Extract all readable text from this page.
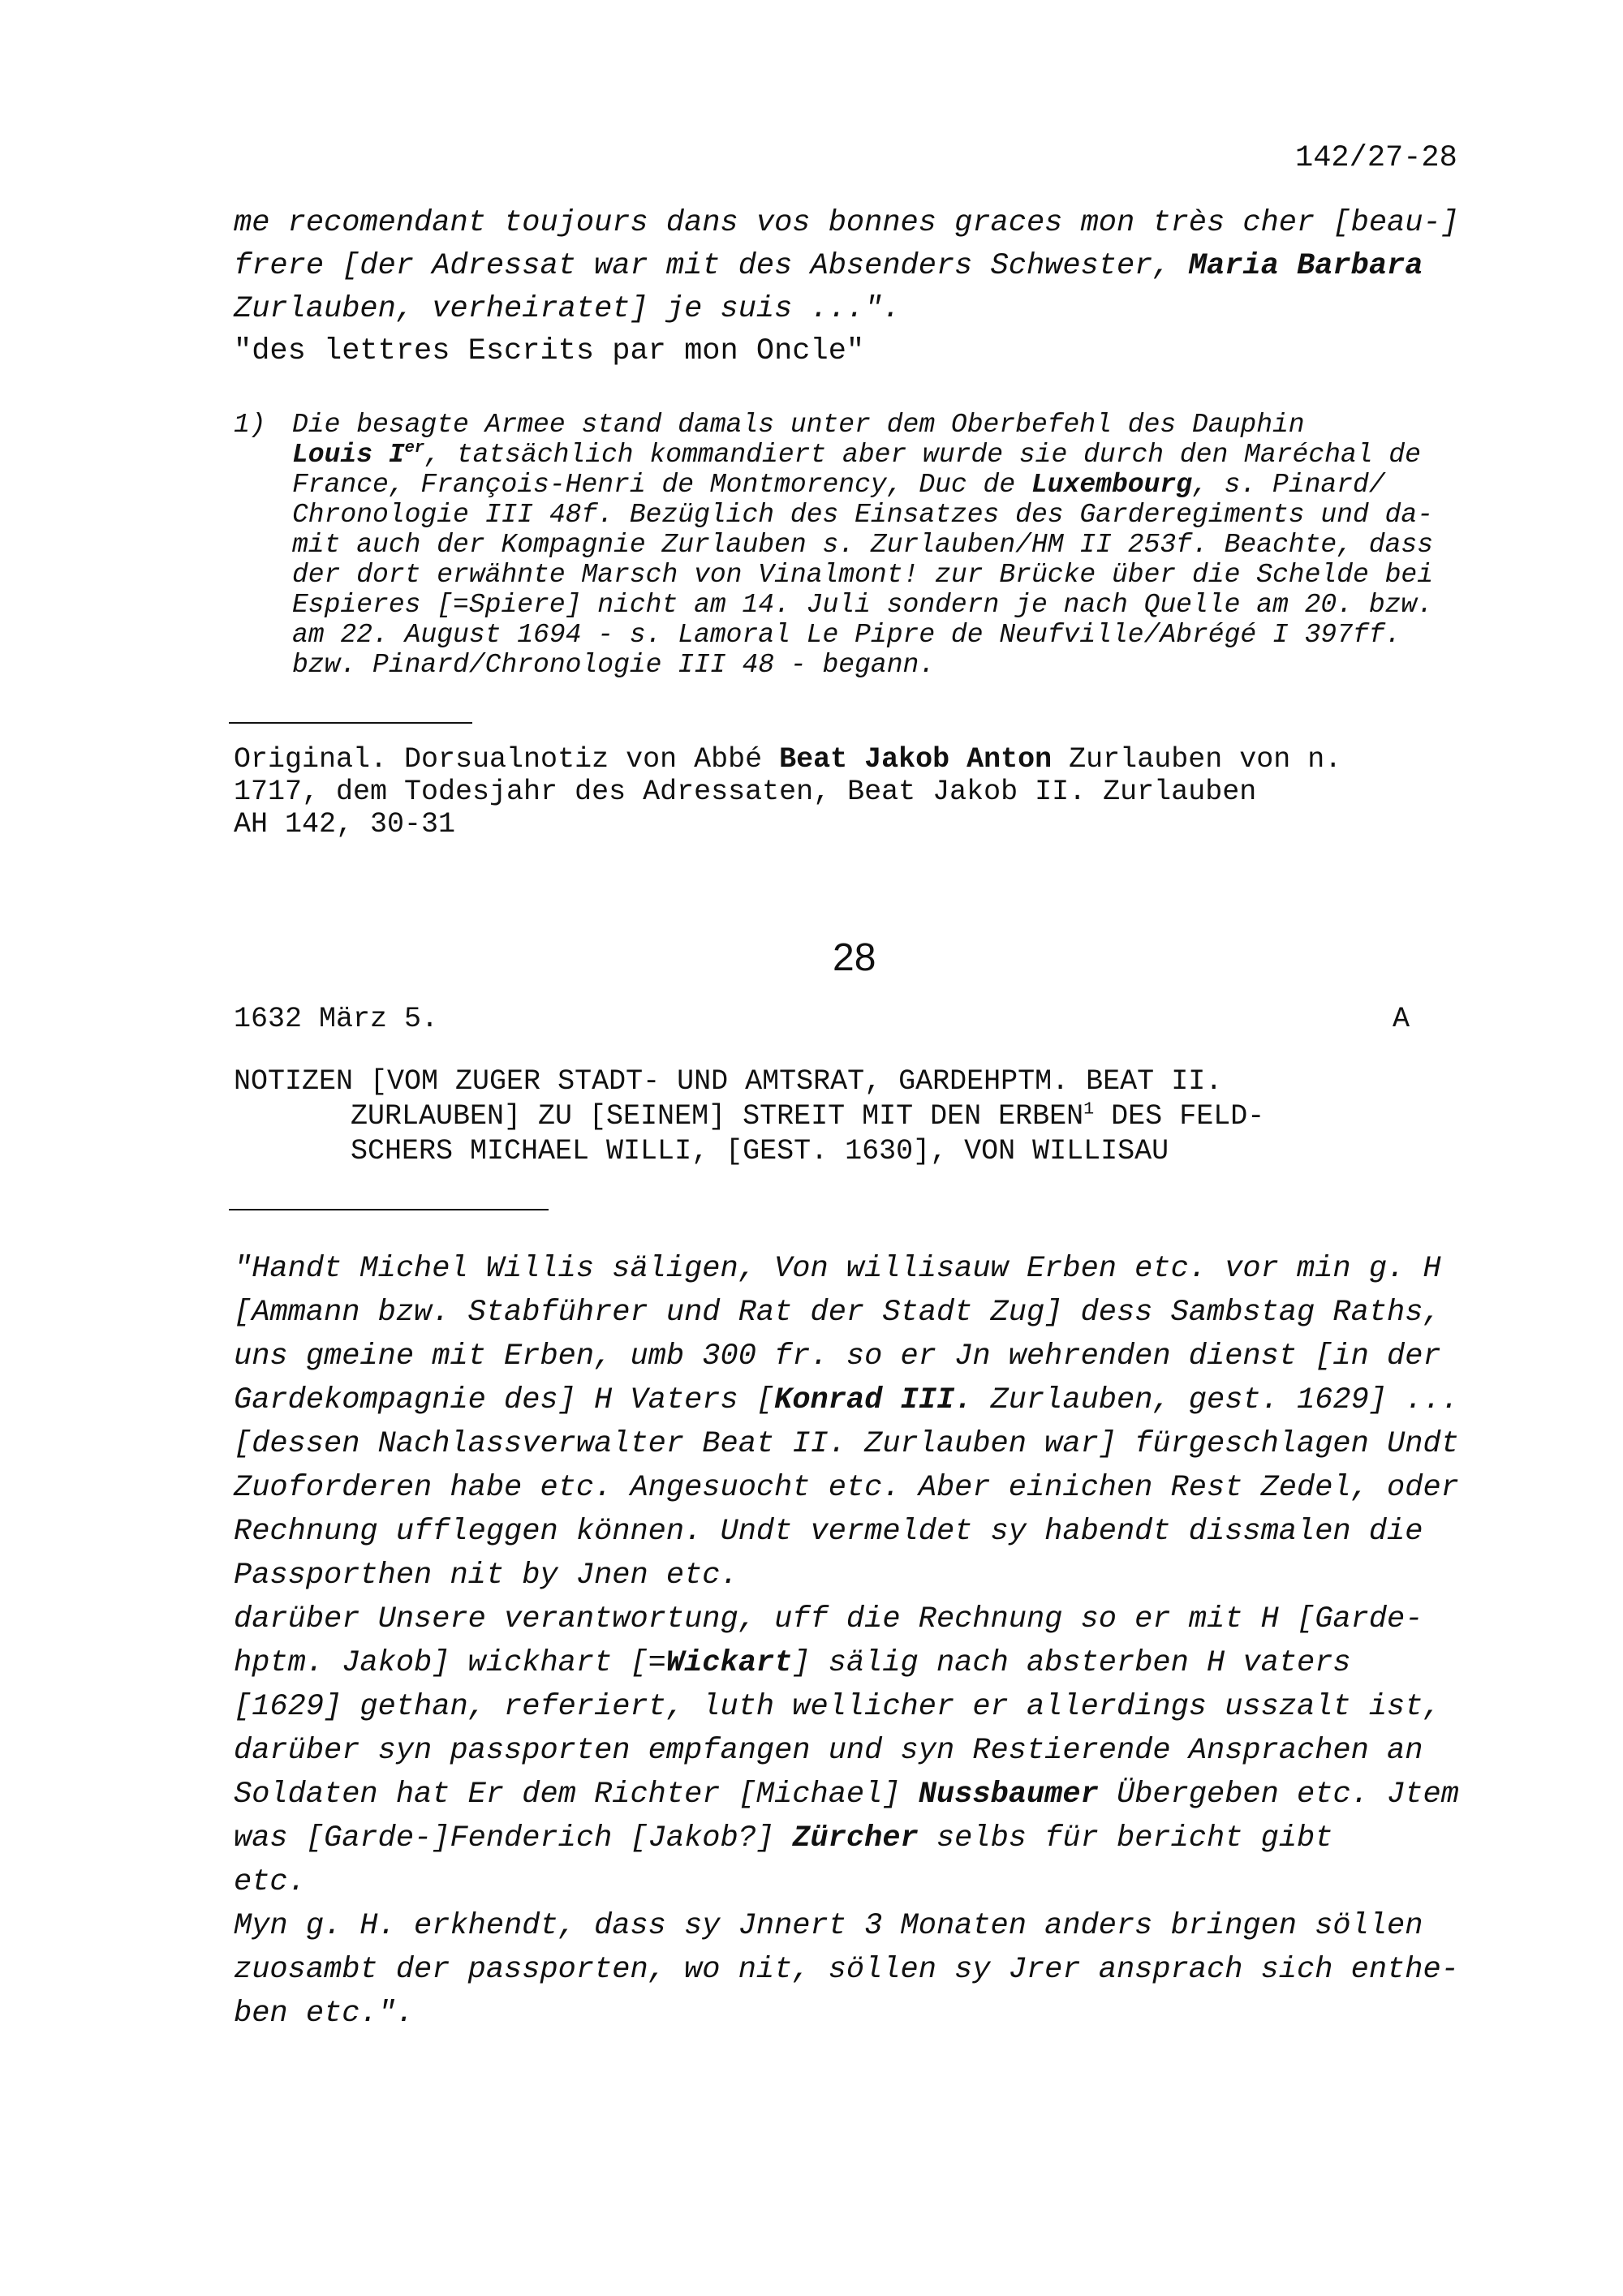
142/27-28
me recomendant toujours dans vos bonnes graces mon très cher [beau-]
frere [der Adressat war mit des Absenders Schwester, Maria Barbara
Zurlauben, verheiratet] je suis ...".
"des lettres Escrits par mon Oncle"
1) Die besagte Armee stand damals unter dem Oberbefehl des Dauphin
Louis Ier, tatsächlich kommandiert aber wurde sie durch den Maréchal de
France, François-Henri de Montmorency, Duc de Luxembourg, s. Pinard/
Chronologie III 48f. Bezüglich des Einsatzes des Garderegiments und da-
mit auch der Kompagnie Zurlauben s. Zurlauben/HM II 253f. Beachte, dass
der dort erwähnte Marsch von Vinalmont! zur Brücke über die Schelde bei
Espieres [=Spiere] nicht am 14. Juli sondern je nach Quelle am 20. bzw.
am 22. August 1694 - s. Lamoral Le Pipre de Neufville/Abrégé I 397ff.
bzw. Pinard/Chronologie III 48 - begann.
Original. Dorsualnotiz von Abbé Beat Jakob Anton Zurlauben von n.
1717, dem Todesjahr des Adressaten, Beat Jakob II. Zurlauben
AH 142, 30-31
28
1632 März 5.	A
NOTIZEN [VOM ZUGER STADT- UND AMTSRAT, GARDEHPTM. BEAT II.
ZURLAUBEN] ZU [SEINEM] STREIT MIT DEN ERBEN$^1$ DES FELD-
SCHERS MICHAEL WILLI, [GEST. 1630], VON WILLISAU
"Handt Michel Willis säligen, Von willisauw Erben etc. vor min g. H
[Ammann bzw. Stabführer und Rat der Stadt Zug] dess Sambstag Raths,
uns gmeine mit Erben, umb 300 fr. so er Jn wehrenden dienst [in der
Gardekompagnie des] H Vaters [Konrad III. Zurlauben, gest. 1629] ...
[dessen Nachlassverwalter Beat II. Zurlauben war] fürgeschlagen Undt
Zuoforderen habe etc. Angesuocht etc. Aber einichen Rest Zedel, oder
Rechnung uffleggen können. Undt vermeldet sy habendt dissmalen die
Passporthen nit by Jnen etc.
darüber Unsere verantwortung, uff die Rechnung so er mit H [Garde-
hptm. Jakob] wickhart [=Wickart] sälig nach absterben H vaters
[1629] gethan, referiert, luth wellicher er allerdings usszalt ist,
darüber syn passporten empfangen und syn Restierende Ansprachen an
Soldaten hat Er dem Richter [Michael] Nussbaumer Übergeben etc. Jtem
was [Garde-]Fenderich [Jakob?] Zürcher selbs für bericht gibt
etc.
Myn g. H. erkhendt, dass sy Jnnert 3 Monaten anders bringen söllen
zuosambt der passporten, wo nit, söllen sy Jrer ansprach sich enthe-
ben etc.".
